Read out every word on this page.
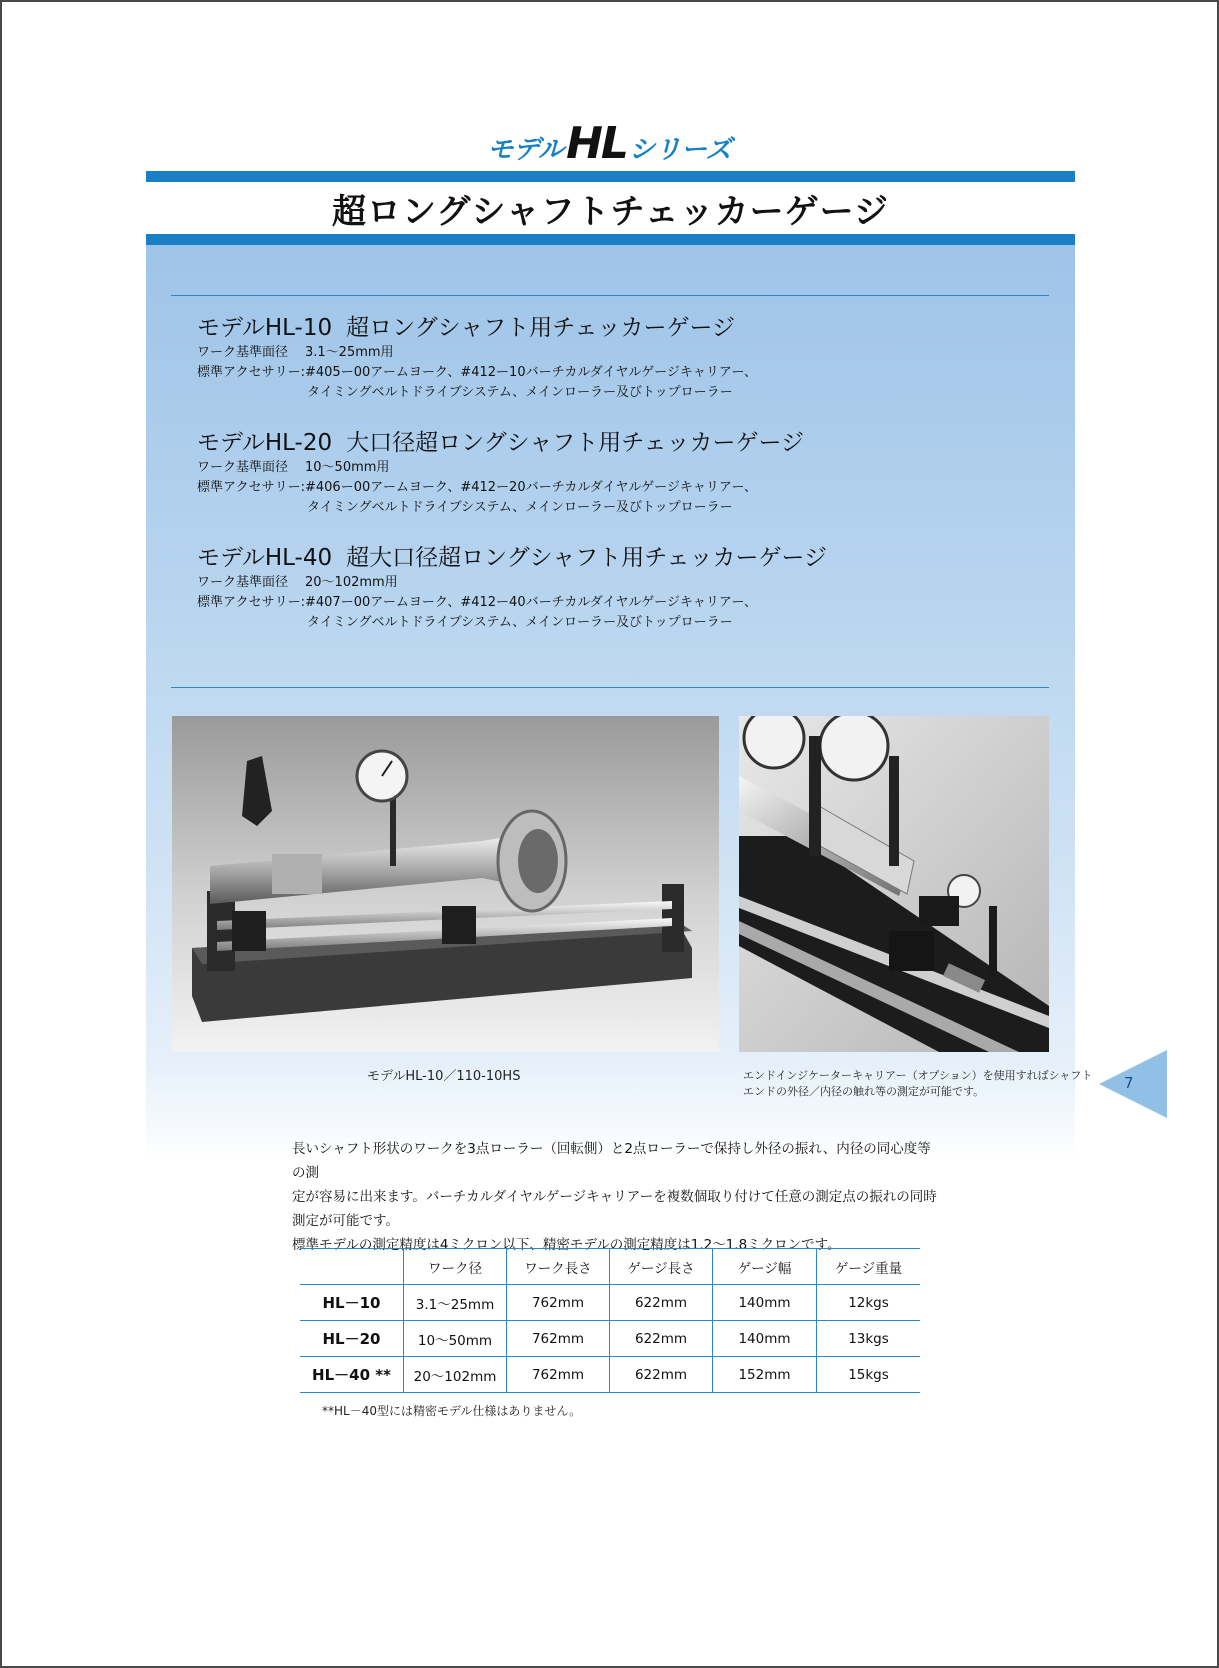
モデルHLシリーズ
超ロングシャフトチェッカーゲージ
モデルHL-10 超ロングシャフト用チェッカーゲージ
ワーク基準面径 3.1～25mm用
標準アクセサリー:#405ー00アームヨーク、#412ー10バーチカルダイヤルゲージキャリアー、
タイミングベルトドライブシステム、メインローラー及びトップローラー
モデルHL-20 大口径超ロングシャフト用チェッカーゲージ
ワーク基準面径 10～50mm用
標準アクセサリー:#406ー00アームヨーク、#412ー20バーチカルダイヤルゲージキャリアー、
タイミングベルトドライブシステム、メインローラー及びトップローラー
モデルHL-40 超大口径超ロングシャフト用チェッカーゲージ
ワーク基準面径 20～102mm用
標準アクセサリー:#407ー00アームヨーク、#412ー40バーチカルダイヤルゲージキャリアー、
タイミングベルトドライブシステム、メインローラー及びトップローラー
モデルHL-10／110-10HS	エンドインジケーターキャリアー（オプション）を使用すればシャフト
エンドの外径／内径の触れ等の測定が可能です。	7

長いシャフト形状のワークを3点ローラー（回転側）と2点ローラーで保持し外径の振れ、内径の同心度等の測

定が容易に出来ます。バーチカルダイヤルゲージキャリアーを複数個取り付けて任意の測定点の振れの同時

測定が可能です。

標準モデルの測定精度は4ミクロン以下、精密モデルの測定精度は1.2～1.8ミクロンです。

	ワーク径	ワーク長さ	ゲージ長さ	ゲージ幅	ゲージ重量
HL－10	3.1～25mm	762mm	622mm	140mm	12kgs
HL－20	10～50mm	762mm	622mm	140mm	13kgs
HL－40 **	20～102mm	762mm	622mm	152mm	15kgs
**HL－40型には精密モデル仕様はありません。
